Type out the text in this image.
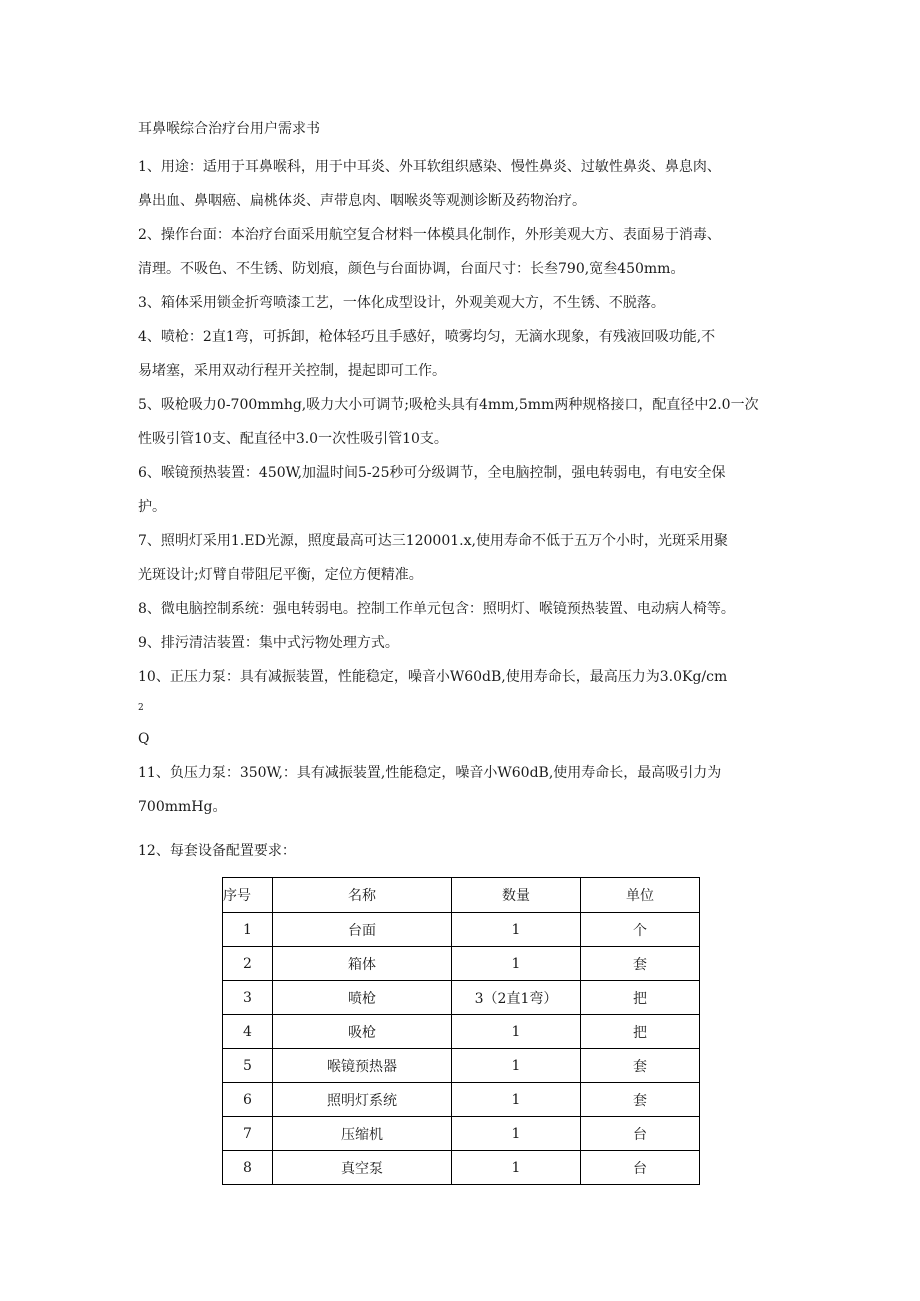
耳鼻喉综合治疗台用户需求书

1、用途：适用于耳鼻喉科，用于中耳炎、外耳软组织感染、慢性鼻炎、过敏性鼻炎、鼻息肉、

鼻出血、鼻咽癌、扁桃体炎、声带息肉、咽喉炎等观测诊断及药物治疗。

2、操作台面：本治疗台面采用航空复合材料一体模具化制作，外形美观大方、表面易于消毒、

清理。不吸色、不生锈、防划痕，颜色与台面协调，台面尺寸：长叁790,宽叁450mm。

3、箱体采用锁金折弯喷漆工艺，一体化成型设计，外观美观大方，不生锈、不脱落。

4、喷枪：2直1弯，可拆卸，枪体轻巧且手感好，喷雾均匀，无滴水现象，有残液回吸功能,不

易堵塞，采用双动行程开关控制，提起即可工作。

5、吸枪吸力0-700mmhg,吸力大小可调节;吸枪头具有4mm,5mm两种规格接口，配直径中2.0一次

性吸引管10支、配直径中3.0一次性吸引管10支。

6、喉镜预热装置：450W,加温时间5-25秒可分级调节，全电脑控制，强电转弱电，有电安全保

护。

7、照明灯采用1.ED光源，照度最高可达三120001.x,使用寿命不低于五万个小时，光斑采用聚

光斑设计;灯臂自带阻尼平衡，定位方便精准。

8、微电脑控制系统：强电转弱电。控制工作单元包含：照明灯、喉镜预热装置、电动病人椅等。

9、排污清洁装置：集中式污物处理方式。

10、正压力泵：具有减振装置，性能稳定，噪音小W60dB,使用寿命长，最高压力为3.0Kg/cm

2

Q

11、负压力泵：350W,：具有减振装置,性能稳定，噪音小W60dB,使用寿命长，最高吸引力为

700mmHg。

12、每套设备配置要求：

序号	名称	数量	单位
1	台面	1	个
2	箱体	1	套
3	喷枪	3（2直1弯）	把
4	吸枪	1	把
5	喉镜预热器	1	套
6	照明灯系统	1	套
7	压缩机	1	台
8	真空泵	1	台
